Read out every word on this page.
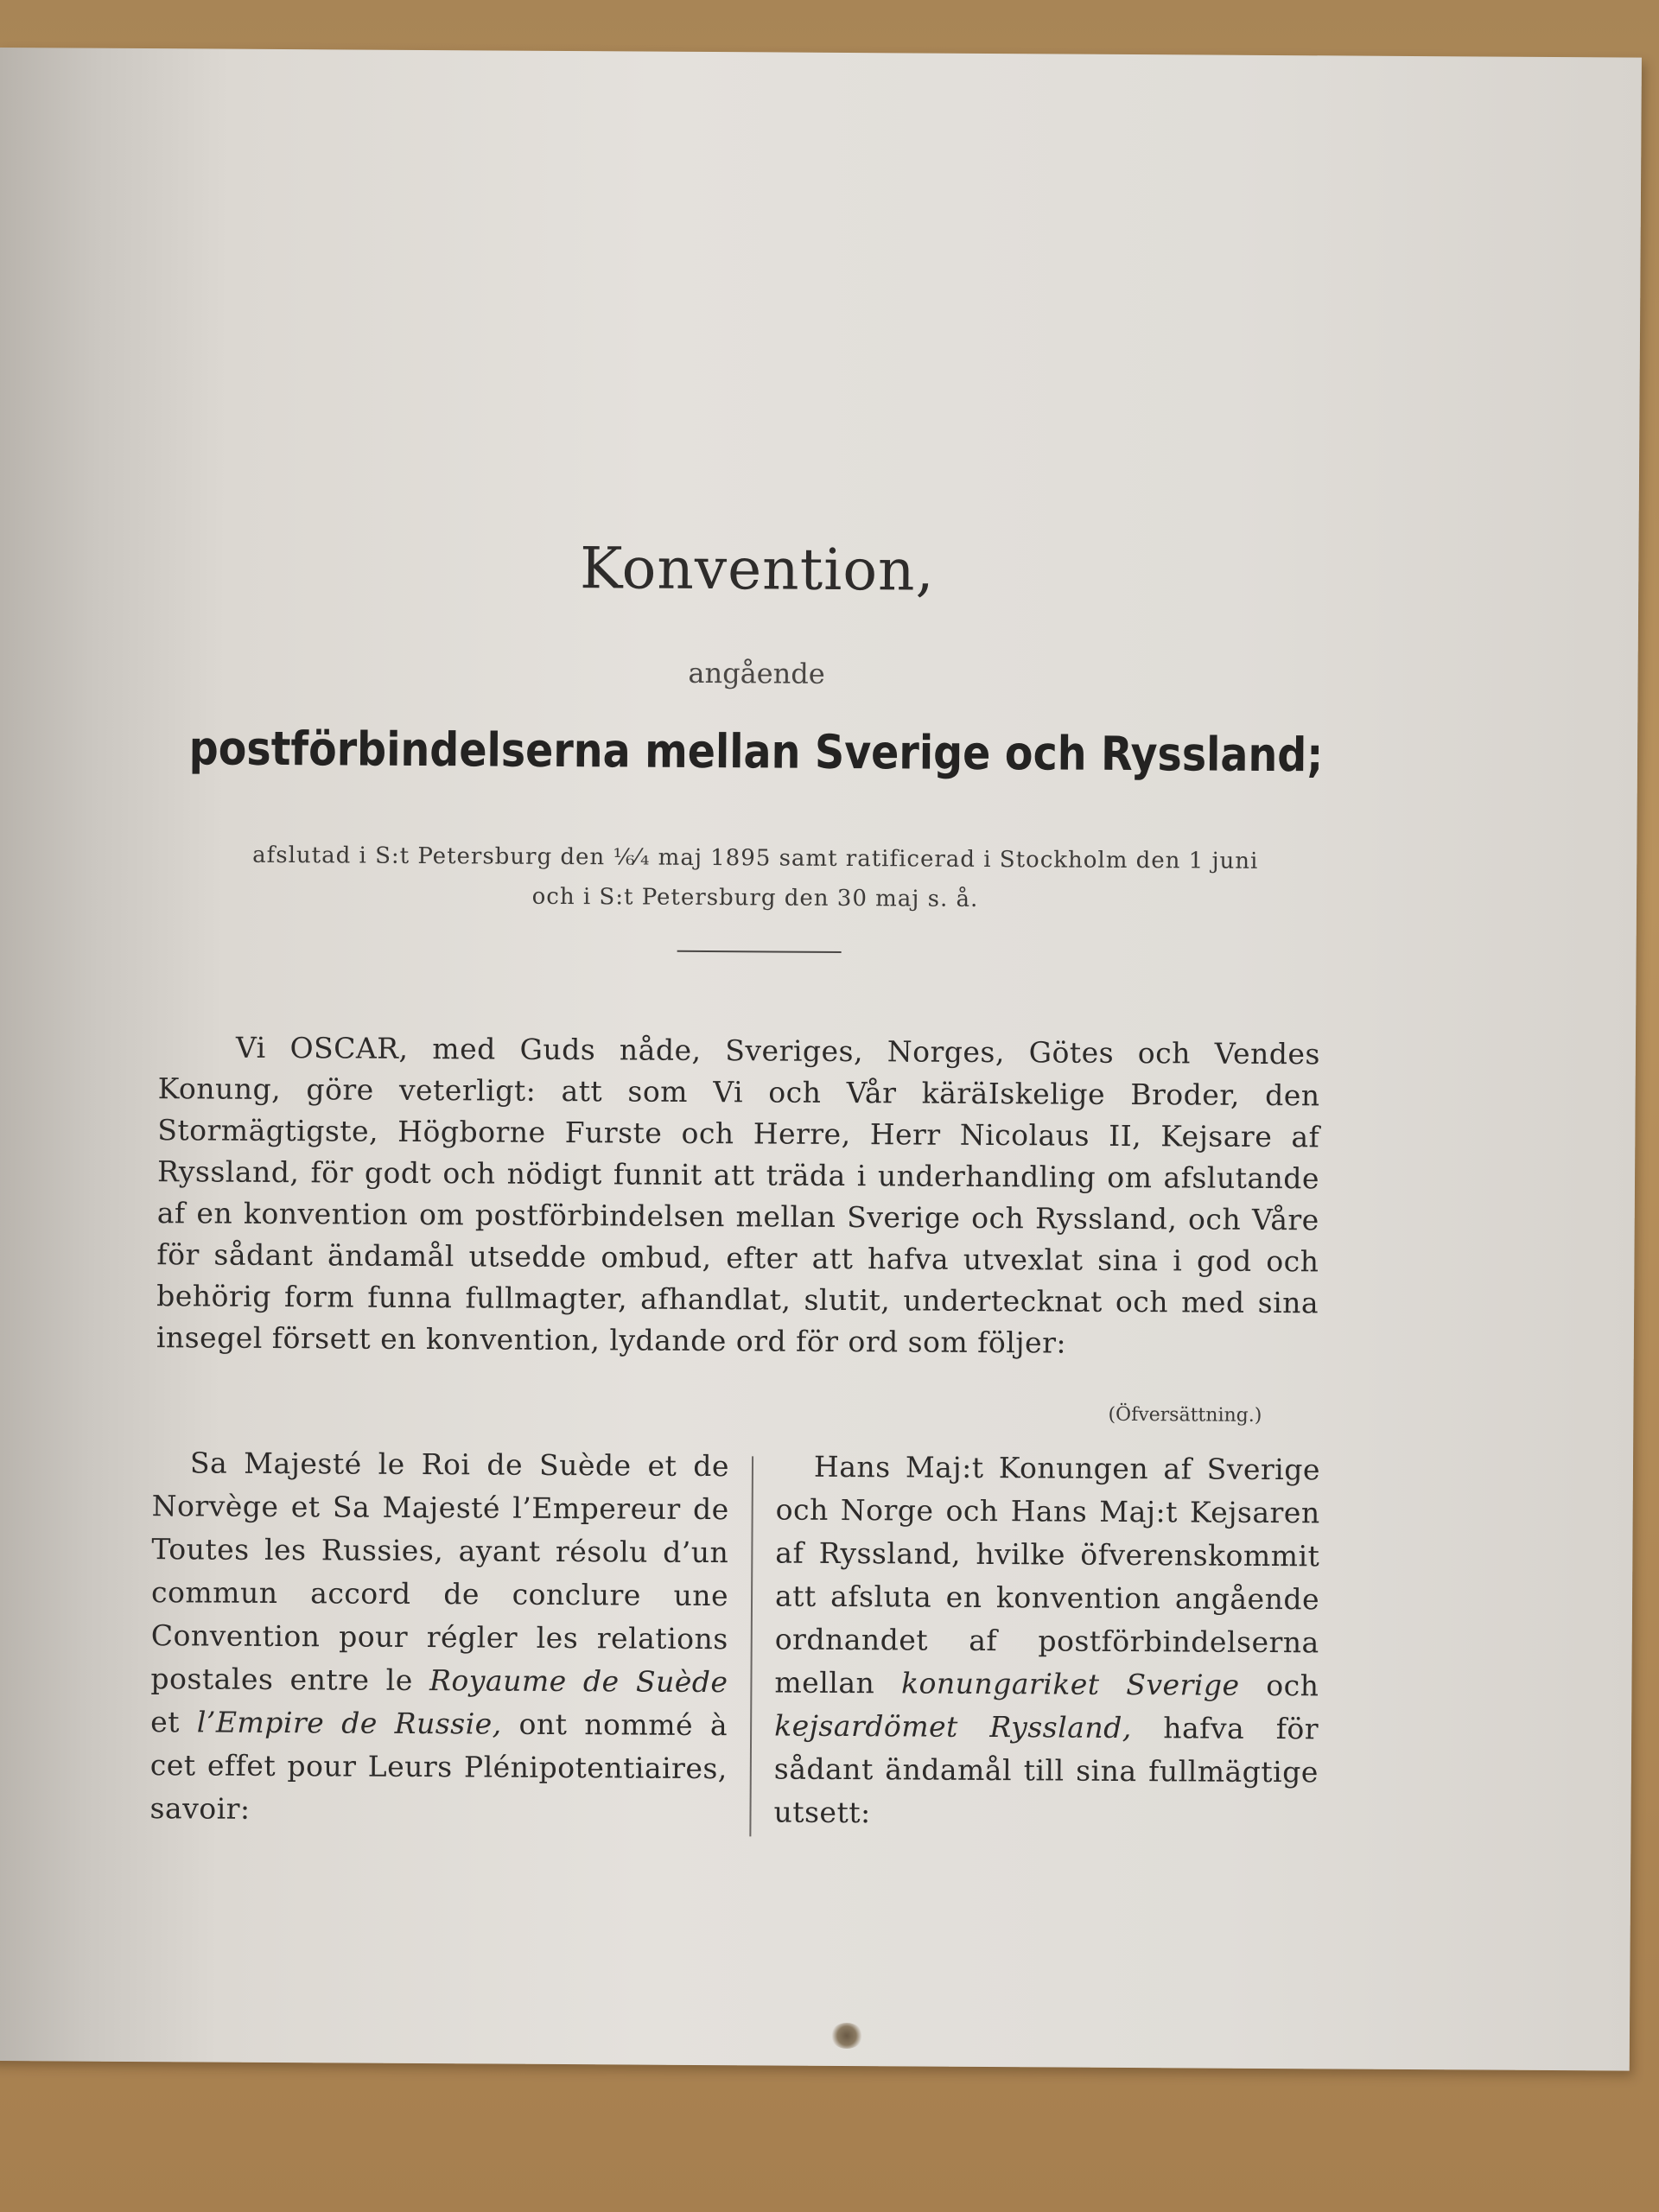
Konvention,
angående
postförbindelserna mellan Sverige och Ryssland;
afslutad i S:t Petersburg den ⅙⁄₄ maj 1895 samt ratificerad i Stockholm den 1 juni
och i S:t Petersburg den 30 maj s. å.
Vi OSCAR, med Guds nåde, Sveriges, Norges, Götes och Vendes Konung, göre veterligt: att som Vi och Vår käräIskelige Broder, den Stormägtigste, Högborne Furste och Herre, Herr Nicolaus II, Kejsare af Ryssland, för godt och nödigt funnit att träda i underhandling om afslutande af en konvention om postförbindelsen mellan Sverige och Ryssland, och Våre för sådant ändamål utsedde ombud, efter att hafva utvexlat sina i god och behörig form funna fullmagter, afhandlat, slutit, undertecknat och med sina insegel försett en konvention, lydande ord för ord som följer:
(Öfversättning.)
Sa Majesté le Roi de Suède et de Norvège et Sa Majesté l’Empereur de Toutes les Russies, ayant résolu d’un commun accord de conclure une Convention pour régler les relations postales entre le Royaume de Suède et l’Empire de Russie, ont nommé à cet effet pour Leurs Plénipotentiaires, savoir:
Hans Maj:t Konungen af Sverige och Norge och Hans Maj:t Kejsaren af Ryssland, hvilke öfverenskommit att afsluta en konvention angående ordnandet af postförbindelserna mellan konungariket Sverige och kejsardömet Ryssland, hafva för sådant ändamål till sina fullmägtige utsett:
